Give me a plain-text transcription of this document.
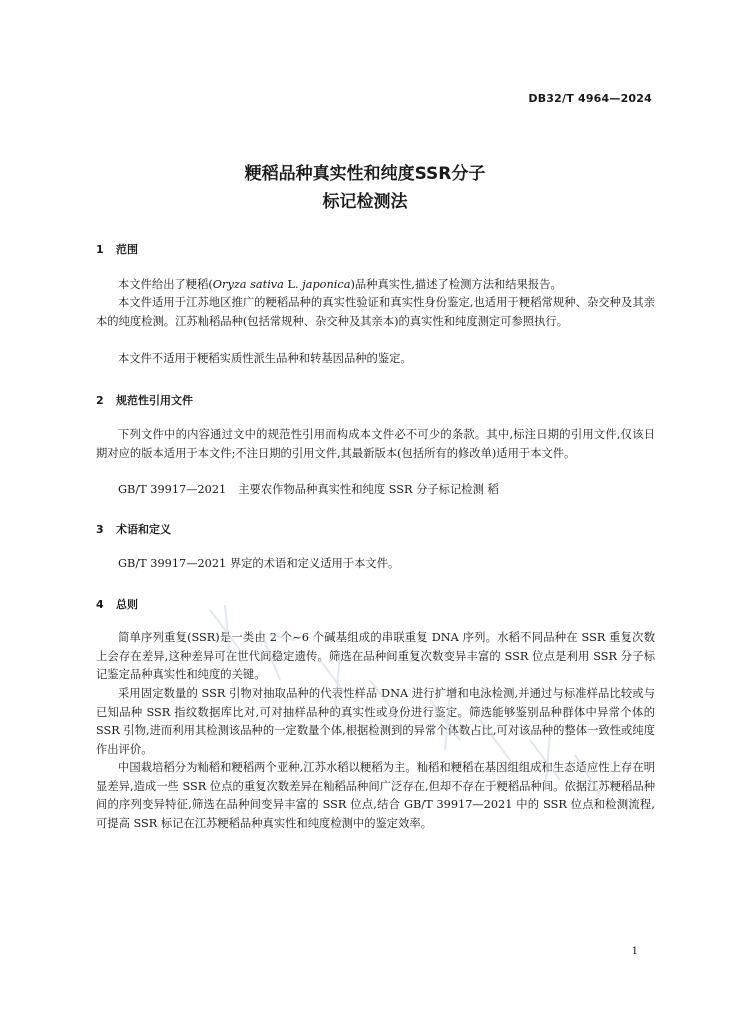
DB32/T 4964—2024
粳稻品种真实性和纯度SSR分子
标记检测法
1 范围

本文件给出了粳稻(Oryza sativa L. japonica)品种真实性,描述了检测方法和结果报告。

本文件适用于江苏地区推广的粳稻品种的真实性验证和真实性身份鉴定,也适用于粳稻常规种、杂交种及其亲本的纯度检测。江苏籼稻品种(包括常规种、杂交种及其亲本)的真实性和纯度测定可参照执行。

本文件不适用于粳稻实质性派生品种和转基因品种的鉴定。

2 规范性引用文件

下列文件中的内容通过文中的规范性引用而构成本文件必不可少的条款。其中,标注日期的引用文件,仅该日期对应的版本适用于本文件;不注日期的引用文件,其最新版本(包括所有的修改单)适用于本文件。

GB/T 39917—2021 主要农作物品种真实性和纯度 SSR 分子标记检测 稻
3 术语和定义

GB/T 39917—2021 界定的术语和定义适用于本文件。

4 总则

简单序列重复(SSR)是一类由 2 个~6 个碱基组成的串联重复 DNA 序列。水稻不同品种在 SSR 重复次数上会存在差异,这种差异可在世代间稳定遗传。筛选在品种间重复次数变异丰富的 SSR 位点是利用 SSR 分子标记鉴定品种真实性和纯度的关键。

采用固定数量的 SSR 引物对抽取品种的代表性样品 DNA 进行扩增和电泳检测,并通过与标准样品比较或与已知品种 SSR 指纹数据库比对,可对抽样品种的真实性或身份进行鉴定。筛选能够鉴别品种群体中异常个体的 SSR 引物,进而利用其检测该品种的一定数量个体,根据检测到的异常个体数占比,可对该品种的整体一致性或纯度作出评价。

中国栽培稻分为籼稻和粳稻两个亚种,江苏水稻以粳稻为主。籼稻和粳稻在基因组组成和生态适应性上存在明显差异,造成一些 SSR 位点的重复次数差异在籼稻品种间广泛存在,但却不存在于粳稻品种间。依据江苏粳稻品种间的序列变异特征,筛选在品种间变异丰富的 SSR 位点,结合 GB/T 39917—2021 中的 SSR 位点和检测流程,可提高 SSR 标记在江苏粳稻品种真实性和纯度检测中的鉴定效率。

1
